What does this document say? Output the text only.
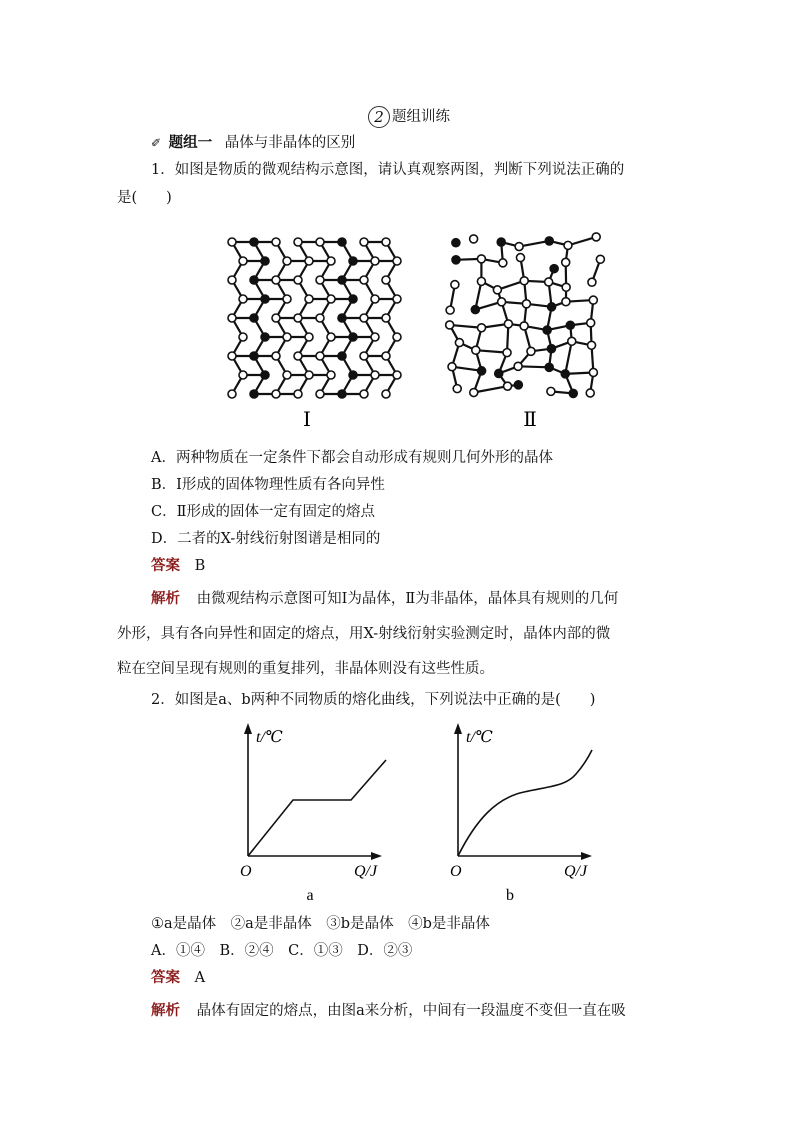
2 题组训练
✐ 题组一 晶体与非晶体的区别
1．如图是物质的微观结构示意图，请认真观察两图，判断下列说法正确的
是(　　)
Ⅰ	Ⅱ
A．两种物质在一定条件下都会自动形成有规则几何外形的晶体
B．Ⅰ形成的固体物理性质有各向异性
C．Ⅱ形成的固体一定有固定的熔点
D．二者的X-射线衍射图谱是相同的
答案 B
解析 由微观结构示意图可知Ⅰ为晶体，Ⅱ为非晶体，晶体具有规则的几何
外形，具有各向异性和固定的熔点，用X-射线衍射实验测定时，晶体内部的微
粒在空间呈现有规则的重复排列，非晶体则没有这些性质。
2．如图是a、b两种不同物质的熔化曲线，下列说法中正确的是(　　)
t/℃
O	Q/J
a
t/℃
O	Q/J
b
①a是晶体　②a是非晶体　③b是晶体　④b是非晶体
A．①④　B．②④　C．①③　D．②③
答案 A
解析 晶体有固定的熔点，由图a来分析，中间有一段温度不变但一直在吸
